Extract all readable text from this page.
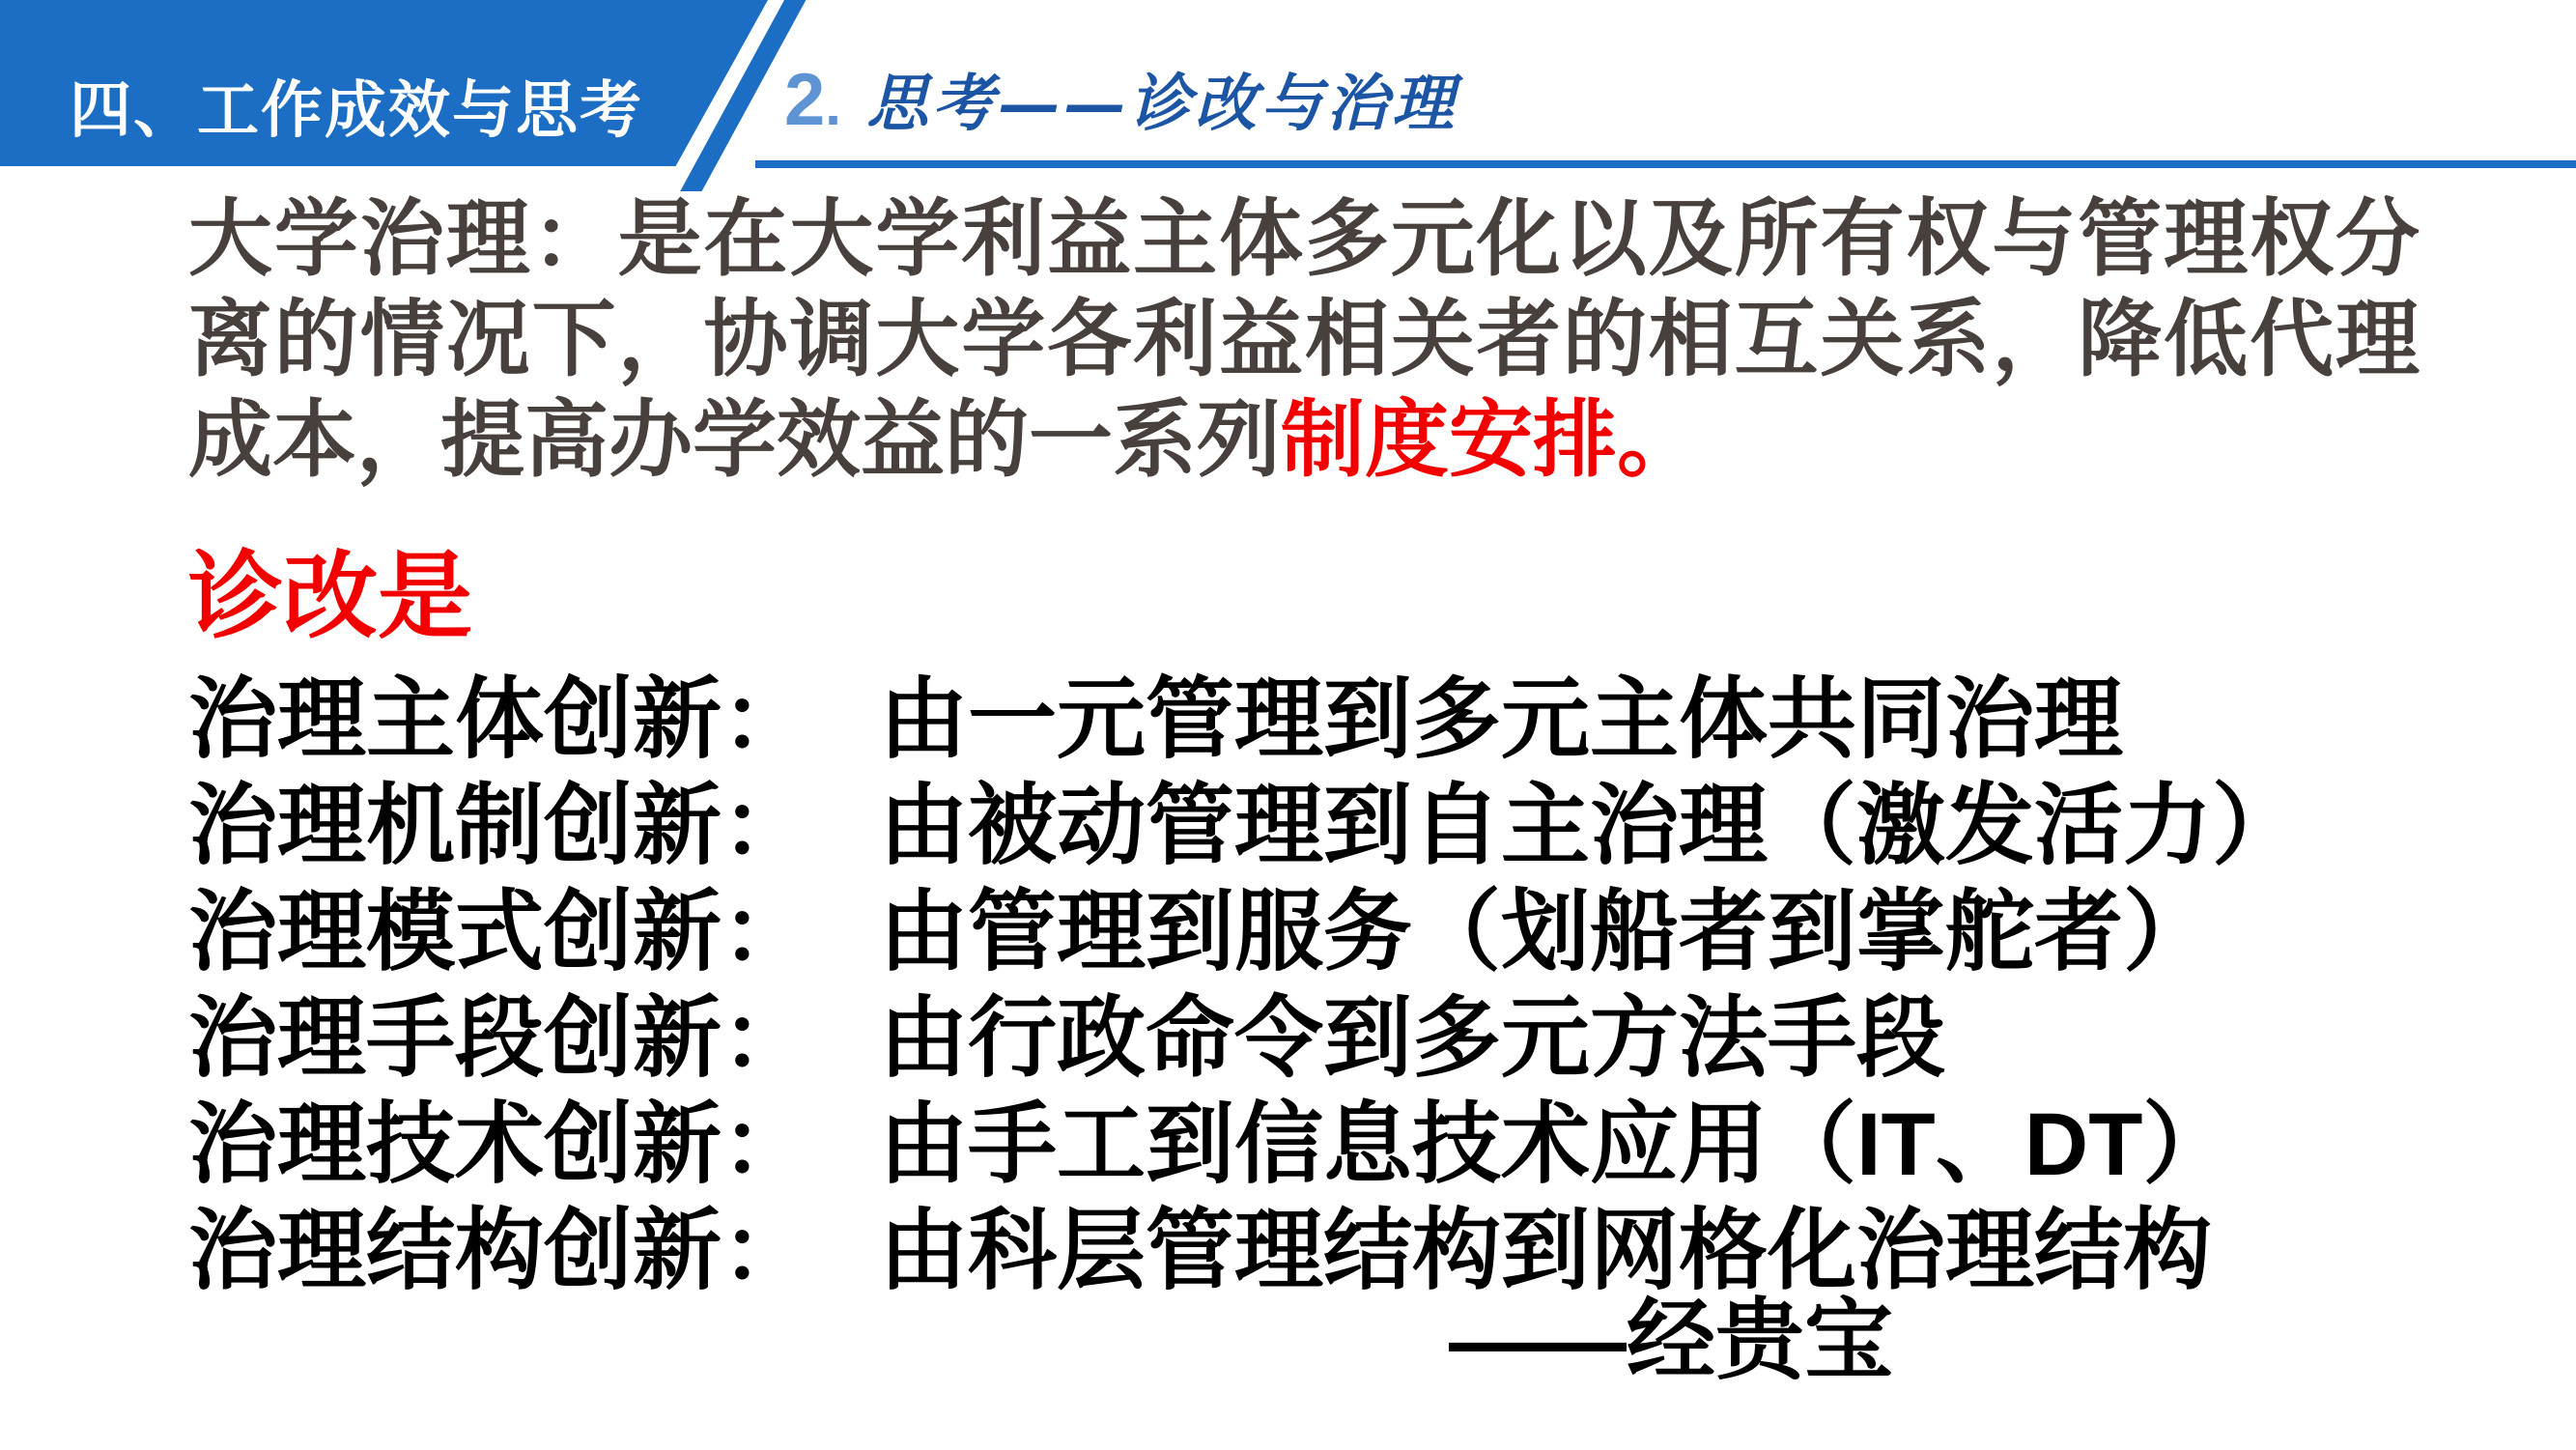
四、工作成效与思考 2 . 思考——诊改与治理
大学治理：是在大学利益主体多元化以及所有权与管理权分离的情况下，协调大学各利益相关者的相互关系，降低代理成本，提高办学效益的一系列制度安排。
诊改是
治理主体创新： 由一元管理到多元主体共同治理
治理机制创新： 由被动管理到自主治理（激发活力）
治理模式创新： 由管理到服务（划船者到掌舵者）
治理手段创新： 由行政命令到多元方法手段
治理技术创新： 由手工到信息技术应用（IT、DT）
治理结构创新： 由科层管理结构到网格化治理结构
——经贵宝
